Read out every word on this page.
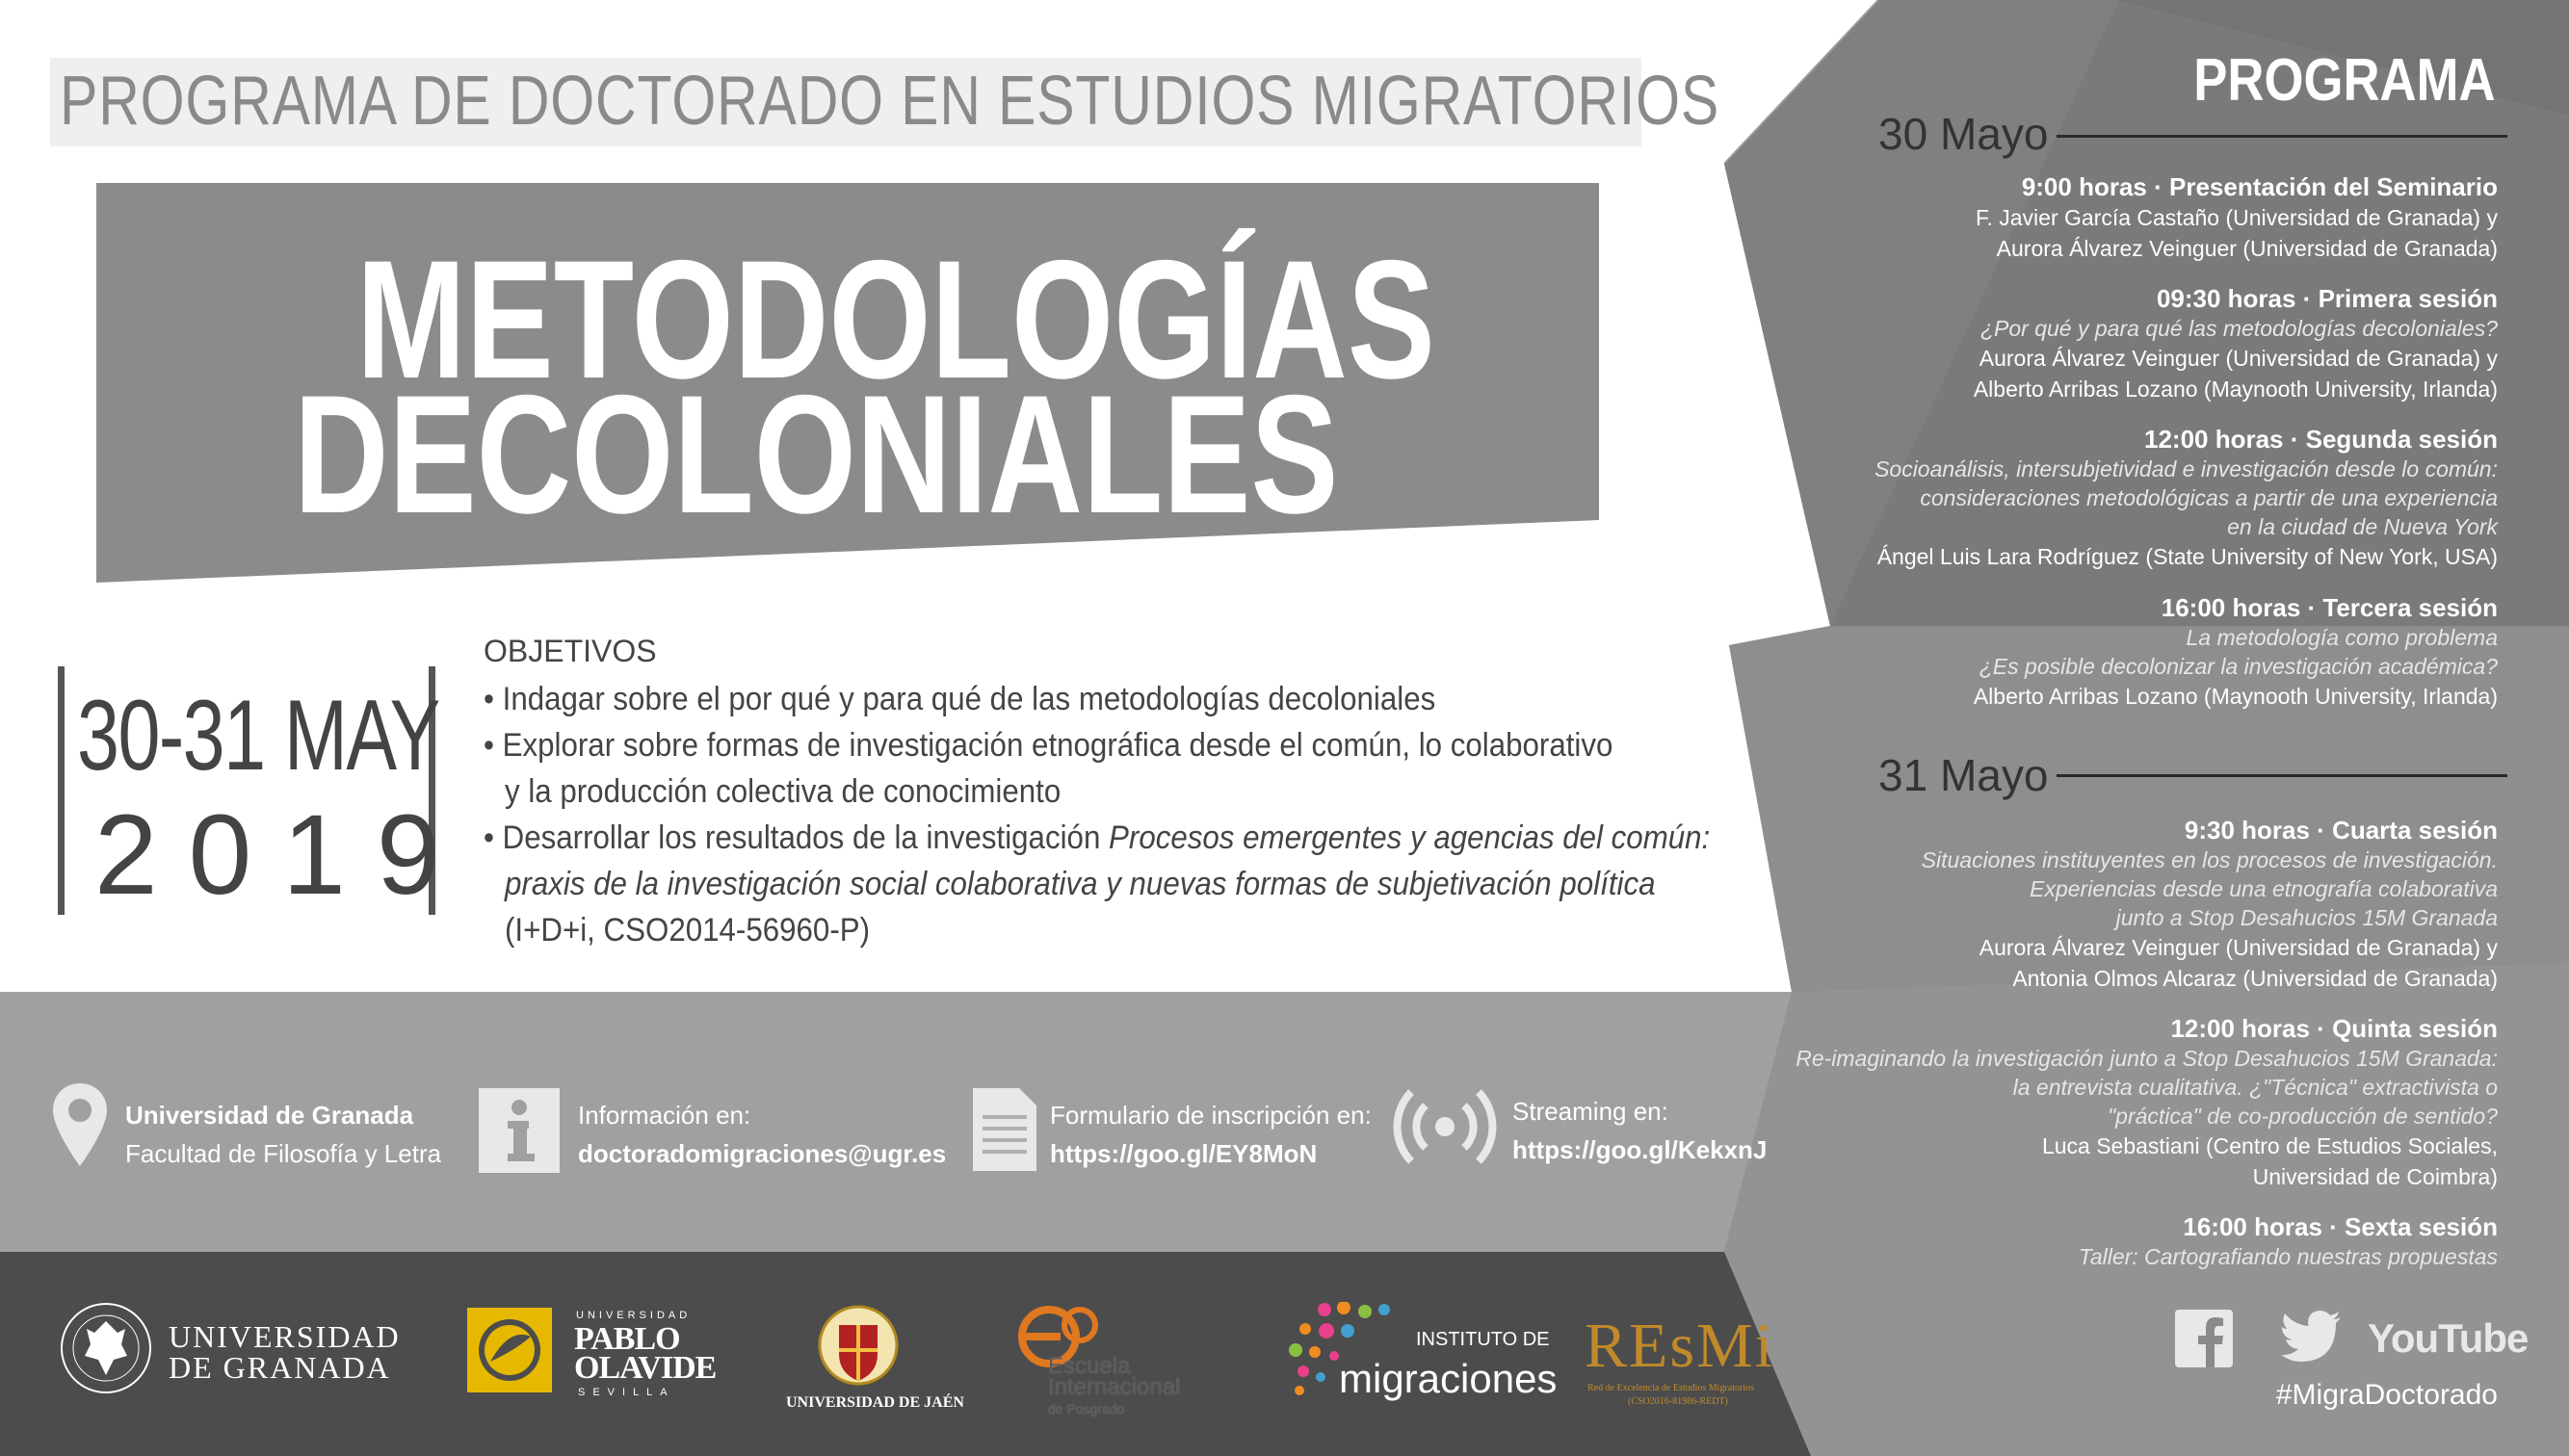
PROGRAMA DE DOCTORADO EN ESTUDIOS MIGRATORIOS
METODOLOGÍAS
DECOLONIALES
30-31 MAY
2019
OBJETIVOS
• Indagar sobre el por qué y para qué de las metodologías decoloniales
• Explorar sobre formas de investigación etnográfica desde el común, lo colaborativo
y la producción colectiva de conocimiento
• Desarrollar los resultados de la investigación Procesos emergentes y agencias del común:
praxis de la investigación social colaborativa y nuevas formas de subjetivación política
(I+D+i, CSO2014-56960-P)
Universidad de Granada
Facultad de Filosofía y Letra
Información en:
doctoradomigraciones@ugr.es
Formulario de inscripción en:
https://goo.gl/EY8MoN
Streaming en:
https://goo.gl/KekxnJ
UNIVERSIDAD
DE GRANADA
UNIVERSIDAD
PABLO
OLAVIDE
SEVILLA
UNIVERSIDAD DE JAÉN
Escuela
Internacional
de Posgrado
INSTITUTO DE
migraciones REsMi
Red de Excelencia de Estudios Migratorios
(CSO2016-81986-REDT)
PROGRAMA
30 Mayo
31 Mayo
9:00 horas · Presentación del Seminario
F. Javier García Castaño (Universidad de Granada) y
Aurora Álvarez Veinguer (Universidad de Granada)
09:30 horas · Primera sesión
¿Por qué y para qué las metodologías decoloniales?
Aurora Álvarez Veinguer (Universidad de Granada) y
Alberto Arribas Lozano (Maynooth University, Irlanda)
12:00 horas · Segunda sesión
Socioanálisis, intersubjetividad e investigación desde lo común:
consideraciones metodológicas a partir de una experiencia
en la ciudad de Nueva York
Ángel Luis Lara Rodríguez (State University of New York, USA)
16:00 horas · Tercera sesión
La metodología como problema
¿Es posible decolonizar la investigación académica?
Alberto Arribas Lozano (Maynooth University, Irlanda)
9:30 horas · Cuarta sesión
Situaciones instituyentes en los procesos de investigación.
Experiencias desde una etnografía colaborativa
junto a Stop Desahucios 15M Granada
Aurora Álvarez Veinguer (Universidad de Granada) y
Antonia Olmos Alcaraz (Universidad de Granada)
12:00 horas · Quinta sesión
Re-imaginando la investigación junto a Stop Desahucios 15M Granada:
la entrevista cualitativa. ¿"Técnica" extractivista o
"práctica" de co-producción de sentido?
Luca Sebastiani (Centro de Estudios Sociales,
Universidad de Coimbra)
16:00 horas · Sexta sesión
Taller: Cartografiando nuestras propuestas
YouTube
#MigraDoctorado
